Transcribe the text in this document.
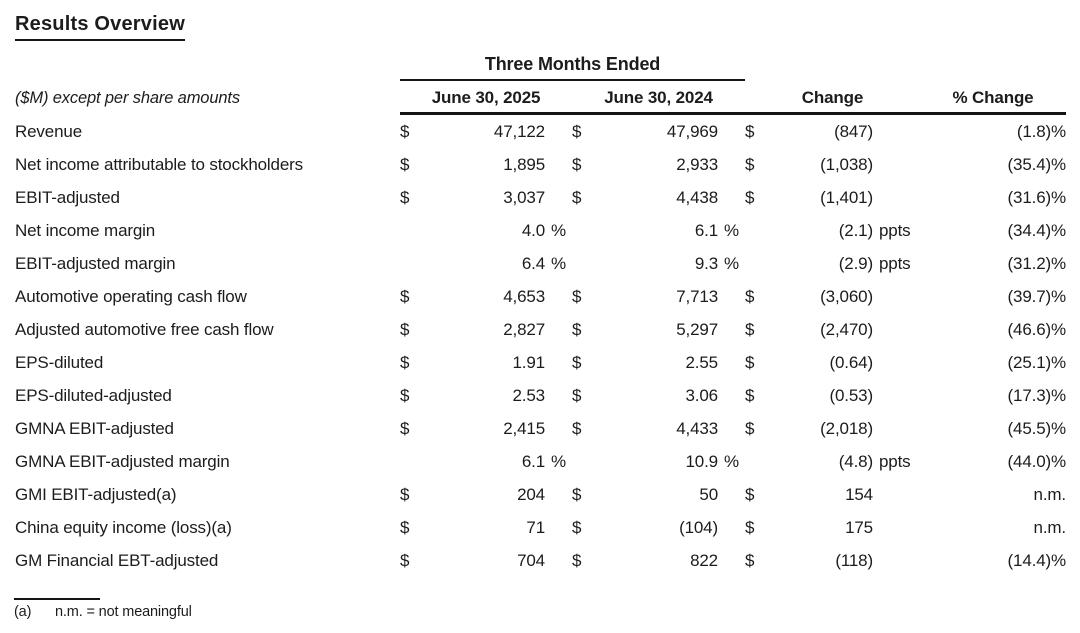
Results Overview
Three Months Ended
($M) except per share amounts	June 30, 2025	June 30, 2024	Change	% Change
Revenue	$	47,122 $	47,969 $	(847)	(1.8)%
Net income attributable to stockholders	$	1,895 $	2,933 $	(1,038)	(35.4)%
EBIT-adjusted	$	3,037 $	4,438 $	(1,401)	(31.6)%
Net income margin	4.0 %	6.1 %	(2.1) ppts	(34.4)%
EBIT-adjusted margin	6.4 %	9.3 %	(2.9) ppts	(31.2)%
Automotive operating cash flow	$	4,653 $	7,713 $	(3,060)	(39.7)%
Adjusted automotive free cash flow	$	2,827 $	5,297 $	(2,470)	(46.6)%
EPS-diluted	$	1.91 $	2.55 $	(0.64)	(25.1)%
EPS-diluted-adjusted	$	2.53 $	3.06 $	(0.53)	(17.3)%
GMNA EBIT-adjusted	$	2,415 $	4,433 $	(2,018)	(45.5)%
GMNA EBIT-adjusted margin	6.1 %	10.9 %	(4.8) ppts	(44.0)%
GMI EBIT-adjusted(a)	$	204 $	50 $	154	n.m.
China equity income (loss)(a)	$	71 $	(104) $	175	n.m.
GM Financial EBT-adjusted	$	704 $	822 $	(118)	(14.4)%
(a)	n.m. = not meaningful
